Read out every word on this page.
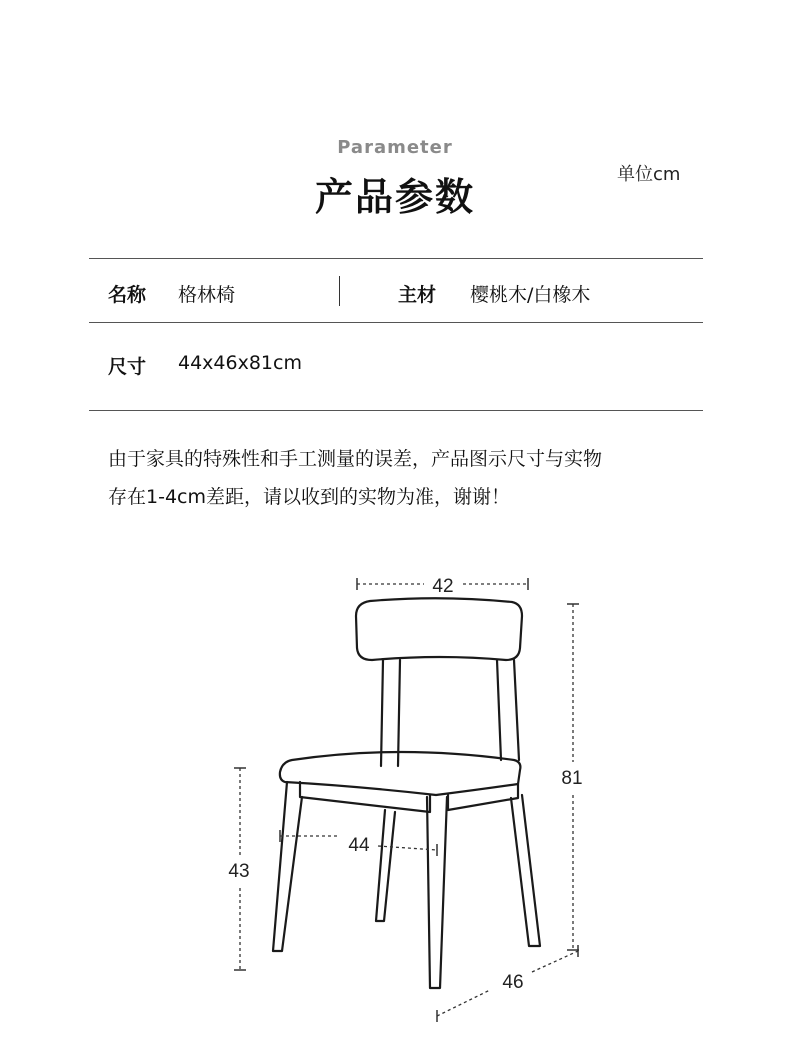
Parameter
产品参数
单位cm
名称 格林椅	主材 樱桃木/白橡木
尺寸 44x46x81cm

由于家具的特殊性和手工测量的误差，产品图示尺寸与实物

存在1-4cm差距，请以收到的实物为准，谢谢！

42
81
44
43
46
